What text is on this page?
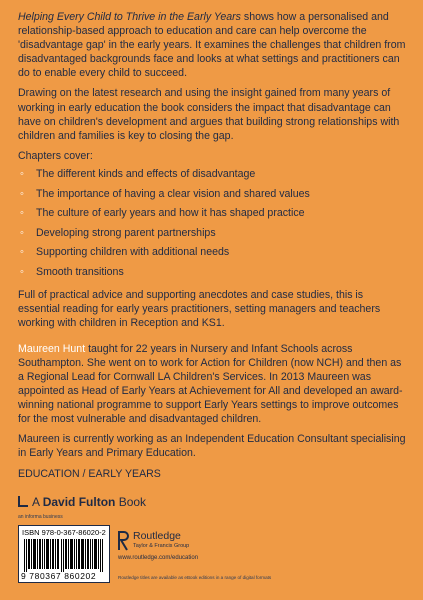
Helping Every Child to Thrive in the Early Years shows how a personalised and relationship-based approach to education and care can help overcome the 'disadvantage gap' in the early years. It examines the challenges that children from disadvantaged backgrounds face and looks at what settings and practitioners can do to enable every child to succeed.

Drawing on the latest research and using the insight gained from many years of working in early education the book considers the impact that disadvantage can have on children's development and argues that building strong relationships with children and families is key to closing the gap.

Chapters cover:

◦ The different kinds and effects of disadvantage
◦ The importance of having a clear vision and shared values
◦ The culture of early years and how it has shaped practice
◦ Developing strong parent partnerships
◦ Supporting children with additional needs
◦ Smooth transitions

Full of practical advice and supporting anecdotes and case studies, this is essential reading for early years practitioners, setting managers and teachers working with children in Reception and KS1.

Maureen Hunt taught for 22 years in Nursery and Infant Schools across Southampton. She went on to work for Action for Children (now NCH) and then as a Regional Lead for Cornwall LA Children's Services. In 2013 Maureen was appointed as Head of Early Years at Achievement for All and developed an award-winning national programme to support Early Years settings to improve outcomes for the most vulnerable and disadvantaged children.

Maureen is currently working as an Independent Education Consultant specialising in Early Years and Primary Education.

EDUCATION / EARLY YEARS

A David Fulton Book
an informa business
ISBN 978-0-367-86020-2
9 780367 860202
Routledge
Taylor & Francis Group
www.routledge.com/education
Routledge titles are available as eBook editions in a range of digital formats
